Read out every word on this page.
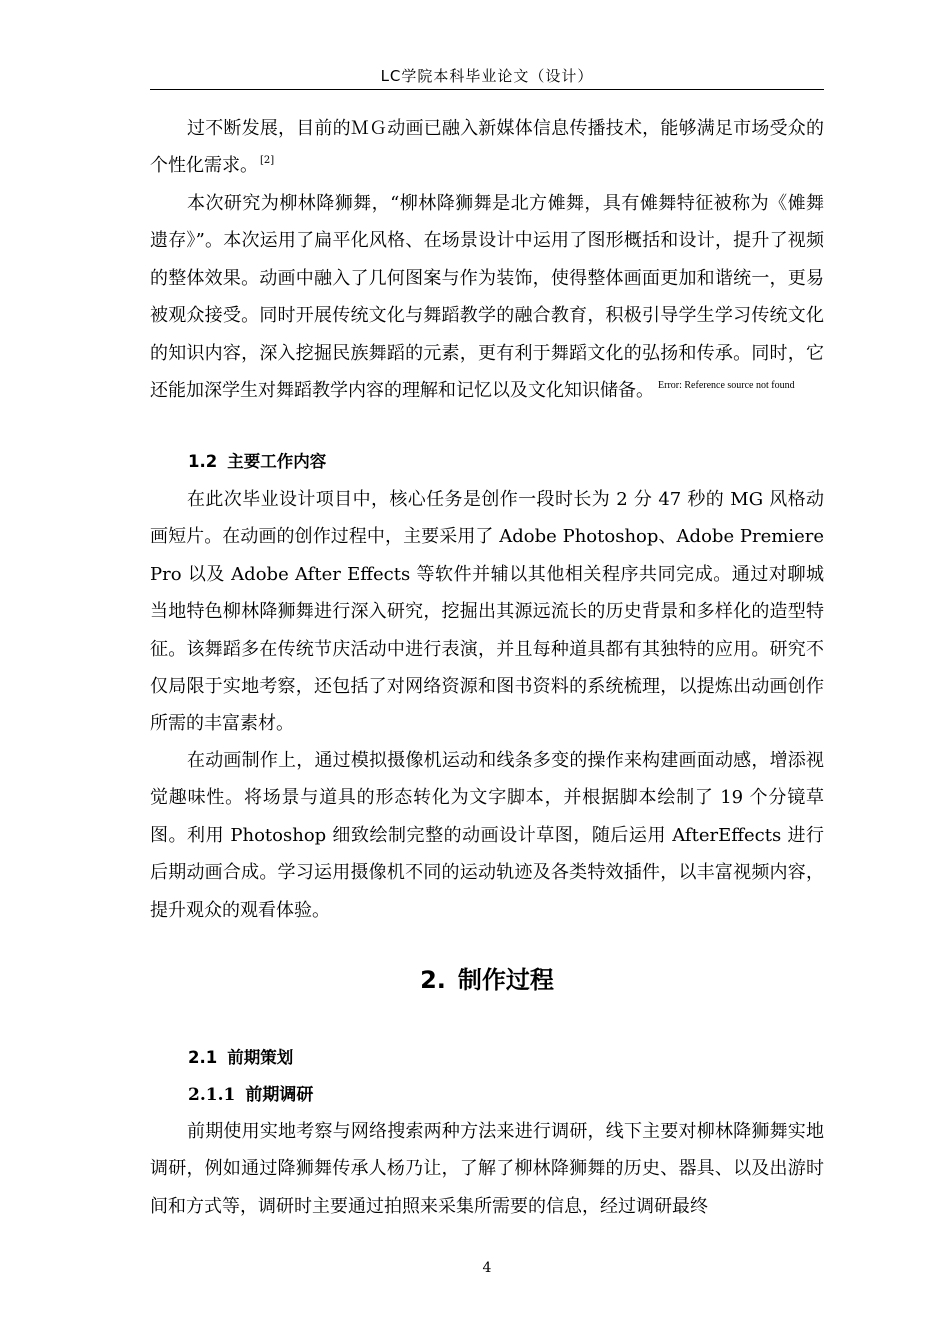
LC学院本科毕业论文（设计）

过不断发展，目前的ＭＧ动画已融入新媒体信息传播技术，能够满足市场受众的个性化需求。 [2]

本次研究为柳林降狮舞，“柳林降狮舞是北方傩舞，具有傩舞特征被称为《傩舞遗存》”。本次运用了扁平化风格、在场景设计中运用了图形概括和设计，提升了视频的整体效果。动画中融入了几何图案与作为装饰，使得整体画面更加和谐统一，更易被观众接受。同时开展传统文化与舞蹈教学的融合教育，积极引导学生学习传统文化的知识内容，深入挖掘民族舞蹈的元素，更有利于舞蹈文化的弘扬和传承。同时，它还能加深学生对舞蹈教学内容的理解和记忆以及文化知识储备。 $^{Error: Reference source not found}$

1.2 主要工作内容

在此次毕业设计项目中，核心任务是创作一段时长为 2 分 47 秒的 MG 风格动画短片。在动画的创作过程中，主要采用了 Adobe Photoshop、Adobe Premiere Pro 以及 Adobe After Effects 等软件并辅以其他相关程序共同完成。通过对聊城当地特色柳林降狮舞进行深入研究，挖掘出其源远流长的历史背景和多样化的造型特征。该舞蹈多在传统节庆活动中进行表演，并且每种道具都有其独特的应用。研究不仅局限于实地考察，还包括了对网络资源和图书资料的系统梳理，以提炼出动画创作所需的丰富素材。

在动画制作上，通过模拟摄像机运动和线条多变的操作来构建画面动感，增添视觉趣味性。将场景与道具的形态转化为文字脚本，并根据脚本绘制了 19 个分镜草图。利用 Photoshop 细致绘制完整的动画设计草图，随后运用 AfterEffects 进行后期动画合成。学习运用摄像机不同的运动轨迹及各类特效插件，以丰富视频内容，提升观众的观看体验。

2. 制作过程
2.1 前期策划
2.1.1 前期调研

前期使用实地考察与网络搜索两种方法来进行调研，线下主要对柳林降狮舞实地调研，例如通过降狮舞传承人杨乃让，了解了柳林降狮舞的历史、器具、以及出游时间和方式等，调研时主要通过拍照来采集所需要的信息，经过调研最终

4
